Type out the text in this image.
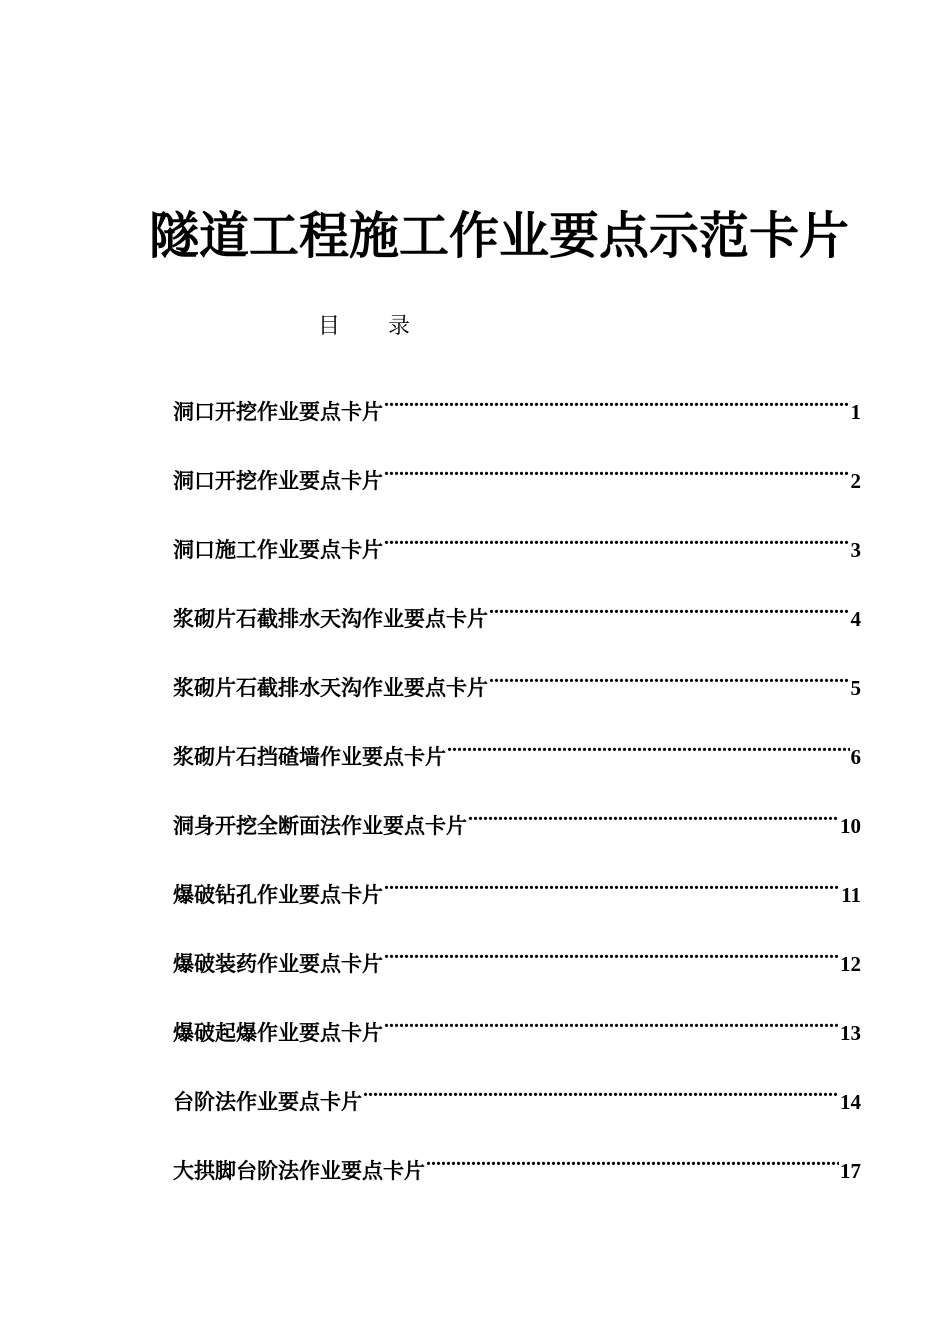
隧道工程施工作业要点示范卡片
目 录
洞口开挖作业要点卡片 .....	1
洞口开挖作业要点卡片 .....	2
洞口施工作业要点卡片 .....	3
浆砌片石截排水天沟作业要点卡片 .....	4
浆砌片石截排水天沟作业要点卡片 .....	5
浆砌片石挡碴墙作业要点卡片 .....	6
洞身开挖全断面法作业要点卡片 .....	10
爆破钻孔作业要点卡片 .....	11
爆破装药作业要点卡片 .....	12
爆破起爆作业要点卡片 .....	13
台阶法作业要点卡片 .....	14
大拱脚台阶法作业要点卡片 .....	17
